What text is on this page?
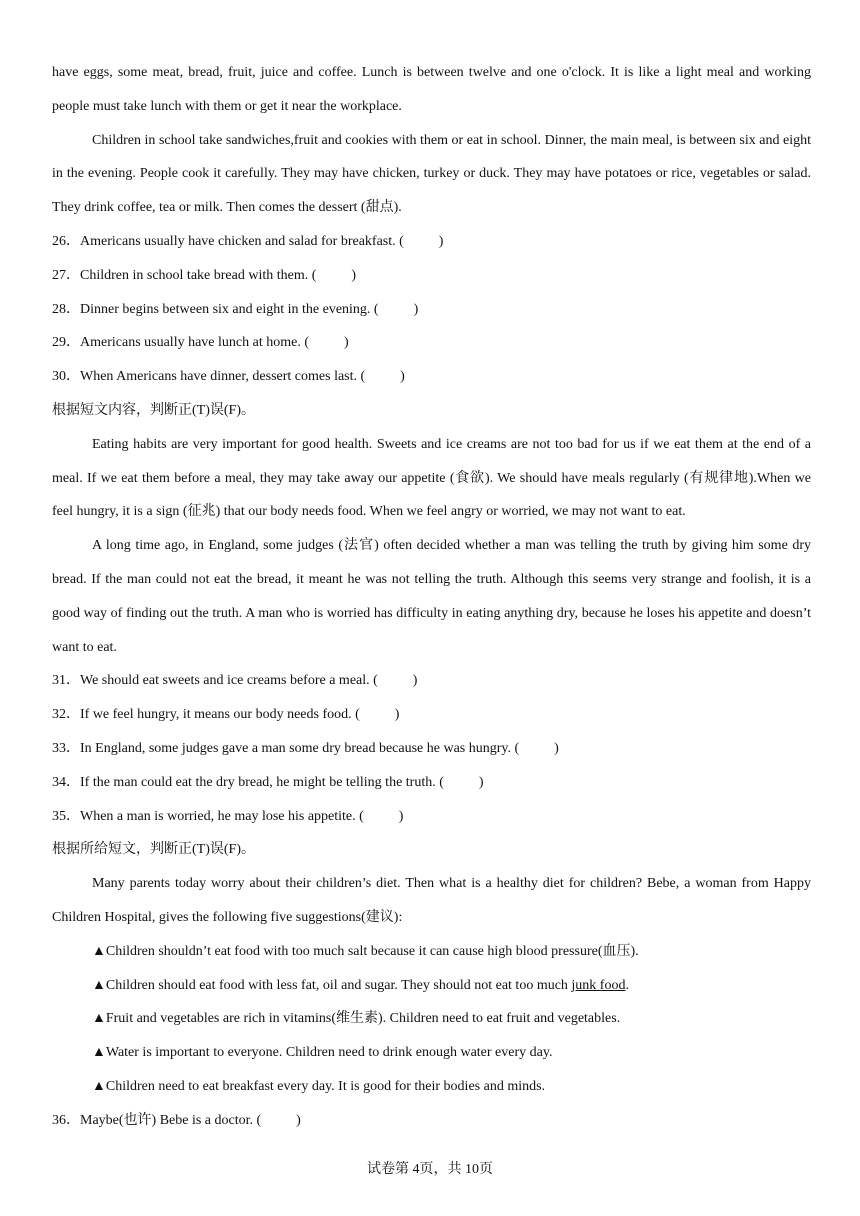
have eggs, some meat, bread, fruit, juice and coffee. Lunch is between twelve and one o'clock. It is like a light meal and working people must take lunch with them or get it near the workplace.

Children in school take sandwiches,fruit and cookies with them or eat in school. Dinner, the main meal, is between six and eight in the evening. People cook it carefully. They may have chicken, turkey or duck. They may have potatoes or rice, vegetables or salad. They drink coffee, tea or milk. Then comes the dessert (甜点).

26．Americans usually have chicken and salad for breakfast. (          )

27．Children in school take bread with them. (          )

28．Dinner begins between six and eight in the evening. (          )

29．Americans usually have lunch at home. (          )

30．When Americans have dinner, dessert comes last. (          )

根据短文内容，判断正(T)误(F)。

Eating habits are very important for good health. Sweets and ice creams are not too bad for us if we eat them at the end of a meal. If we eat them before a meal, they may take away our appetite (食欲). We should have meals regularly (有规律地).When we feel hungry, it is a sign (征兆) that our body needs food. When we feel angry or worried, we may not want to eat.

A long time ago, in England, some judges (法官) often decided whether a man was telling the truth by giving him some dry bread. If the man could not eat the bread, it meant he was not telling the truth. Although this seems very strange and foolish, it is a good way of finding out the truth. A man who is worried has difficulty in eating anything dry, because he loses his appetite and doesn’t want to eat.

31．We should eat sweets and ice creams before a meal. (          )

32．If we feel hungry, it means our body needs food. (          )

33．In England, some judges gave a man some dry bread because he was hungry. (          )

34．If the man could eat the dry bread, he might be telling the truth. (          )

35．When a man is worried, he may lose his appetite. (          )

根据所给短文，判断正(T)误(F)。

Many parents today worry about their children’s diet. Then what is a healthy diet for children? Bebe, a woman from Happy Children Hospital, gives the following five suggestions(建议):

▲Children shouldn’t eat food with too much salt because it can cause high blood pressure(血压).

▲Children should eat food with less fat, oil and sugar. They should not eat too much junk food.

▲Fruit and vegetables are rich in vitamins(维生素). Children need to eat fruit and vegetables.

▲Water is important to everyone. Children need to drink enough water every day.

▲Children need to eat breakfast every day. It is good for their bodies and minds.

36．Maybe(也许) Bebe is a doctor. (          )

试卷第 4页，共 10页
